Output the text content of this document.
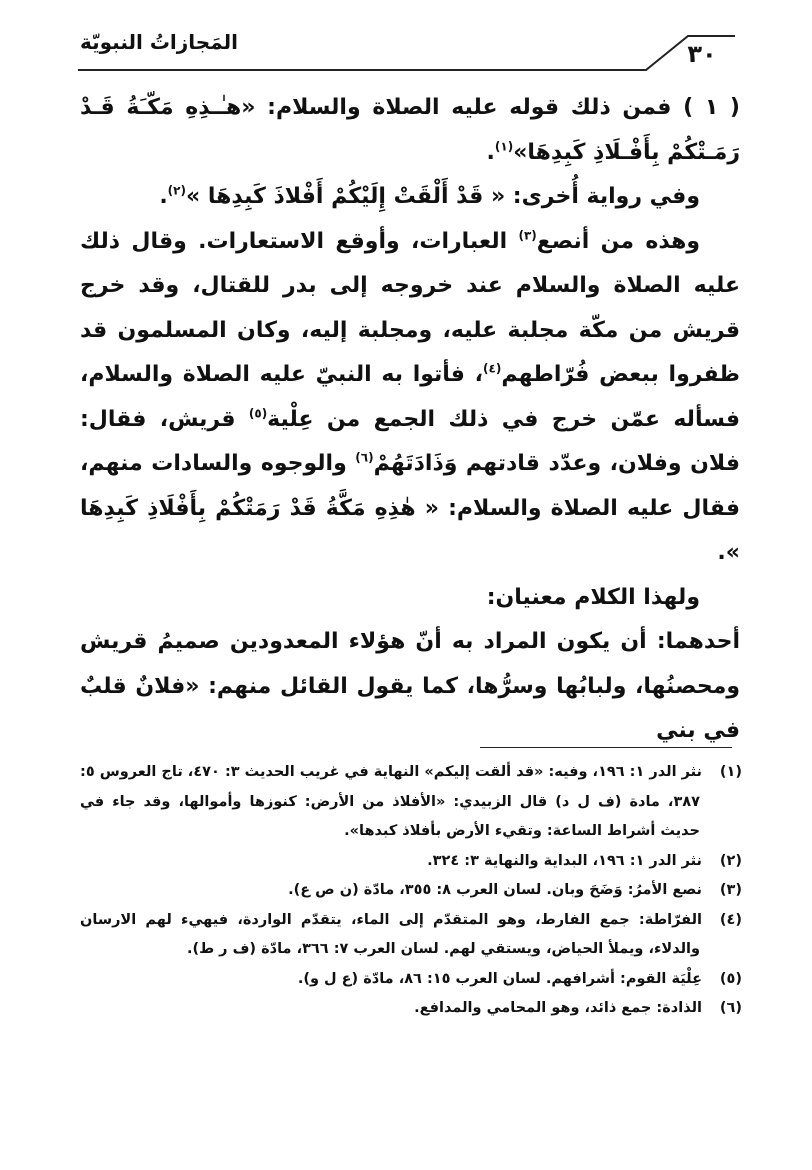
المَجازاتُ النبويّة	٣٠

( ١ ) فمن ذلك قوله عليه الصلاة والسلام: «هـٰـذِهِ مَكّـَةُ قَـدْ رَمَـتْكُمْ بِأَفْـلَاذِ كَبِدِهَا»$^{(١)}$.

وفي رواية أُخرى: « قَدْ أَلْقَتْ إِلَيْكُمْ أَفْلاذَ كَبِدِهَا »$^{(٢)}$.

وهذه من أنصع$^{(٣)}$ العبارات، وأوقع الاستعارات. وقال ذلك عليه الصلاة والسلام عند خروجه إلى بدر للقتال، وقد خرج قريش من مكّة مجلبة عليه، ومجلبة إليه، وكان المسلمون قد ظفروا ببعض فُرّاطهم$^{(٤)}$، فأتوا به النبيّ عليه الصلاة والسلام، فسأله عمّن خرج في ذلك الجمع من عِلْية$^{(٥)}$ قريش، فقال: فلان وفلان، وعدّد قادتهم وَذَادَتَهُمْ$^{(٦)}$ والوجوه والسادات منهم، فقال عليه الصلاة والسلام: « هٰذِهِ مَكَّةُ قَدْ رَمَتْكُمْ بِأَفْلَاذِ كَبِدِهَا ».

ولهذا الكلام معنيان:

أحدهما: أن يكون المراد به أنّ هؤلاء المعدودين صميمُ قريش ومحصنُها، ولبابُها وسرُّها، كما يقول القائل منهم: «فلانٌ قلبٌ في بني

(١)نثر الدر ١: ١٩٦، وفيه: «قد ألقت إليكم» النهاية في غريب الحديث ٣: ٤٧٠، تاج العروس ٥: ٣٨٧، مادة (ف ل د) قال الزبيدي: «الأفلاذ من الأرض: كنوزها وأموالها، وقد جاء في حديث أشراط الساعة: وتقيء الأرض بأفلاذ كبدها».

(٢)نثر الدر ١: ١٩٦، البداية والنهاية ٣: ٣٢٤.

(٣)نصع الأمرُ: وَضَحَ وبان. لسان العرب ٨: ٣٥٥، مادّة (ن ص ع).

(٤)الفرّاطة: جمع الفارط، وهو المتقدّم إلى الماء، يتقدّم الواردة، فيهيء لهم الارسان والدلاء، ويملأ الحياض، ويستقي لهم. لسان العرب ٧: ٣٦٦، مادّة (ف ر ط).

(٥)عِلْيَة القوم: أشرافهم. لسان العرب ١٥: ٨٦، مادّة (ع ل و).

(٦)الذادة: جمع ذائد، وهو المحامي والمدافع.
